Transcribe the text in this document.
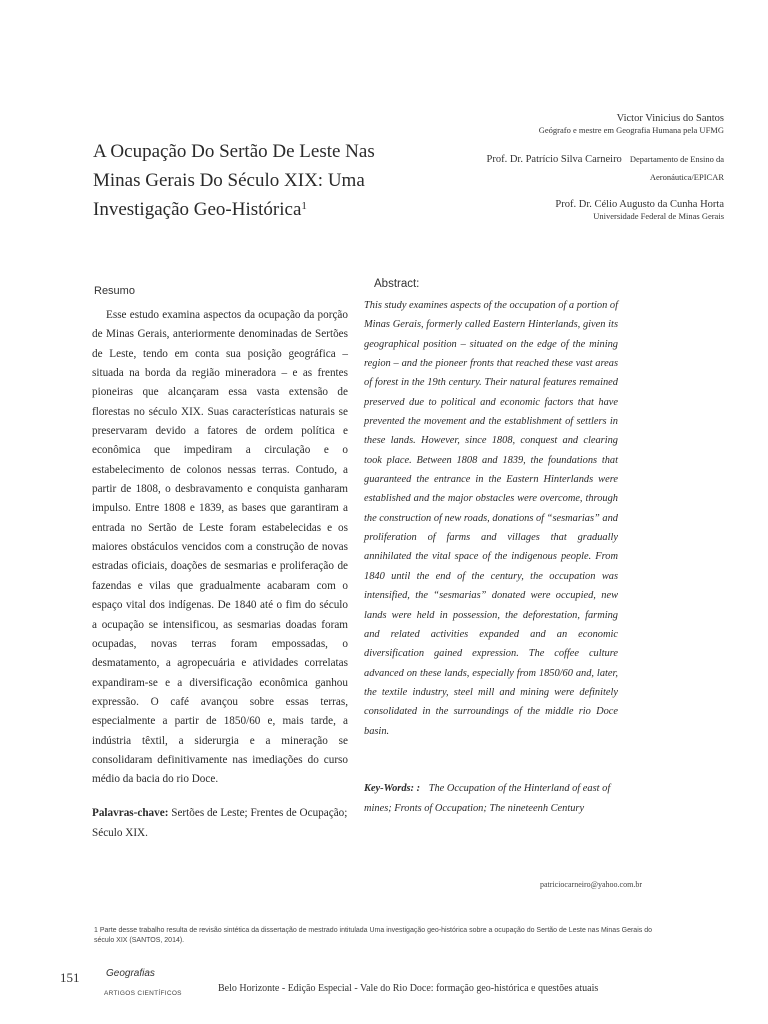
A Ocupação Do Sertão De Leste Nas Minas Gerais Do Século XIX: Uma Investigação Geo-Histórica$^1$
Victor Vinicius do Santos
Geógrafo e mestre em Geografia Humana pela UFMG
Prof. Dr. Patrício Silva Carneiro Departamento de Ensino da Aeronáutica/EPICAR
Prof. Dr. Célio Augusto da Cunha Horta
Universidade Federal de Minas Gerais
Resumo
Abstract:

Esse estudo examina aspectos da ocupação da porção de Minas Gerais, anteriormente denominadas de Sertões de Leste, tendo em conta sua posição geográfica – situada na borda da região mineradora – e as frentes pioneiras que alcançaram essa vasta extensão de florestas no século XIX. Suas características naturais se preservaram devido a fatores de ordem política e econômica que impediram a circulação e o estabelecimento de colonos nessas terras. Contudo, a partir de 1808, o desbravamento e conquista ganharam impulso. Entre 1808 e 1839, as bases que garantiram a entrada no Sertão de Leste foram estabelecidas e os maiores obstáculos vencidos com a construção de novas estradas oficiais, doações de sesmarias e proliferação de fazendas e vilas que gradualmente acabaram com o espaço vital dos indígenas. De 1840 até o fim do século a ocupação se intensificou, as sesmarias doadas foram ocupadas, novas terras foram empossadas, o desmatamento, a agropecuária e atividades correlatas expandiram-se e a diversificação econômica ganhou expressão. O café avançou sobre essas terras, especialmente a partir de 1850/60 e, mais tarde, a indústria têxtil, a siderurgia e a mineração se consolidaram definitivamente nas imediações do curso médio da bacia do rio Doce.

This study examines aspects of the occupation of a portion of Minas Gerais, formerly called Eastern Hinterlands, given its geographical position – situated on the edge of the mining region – and the pioneer fronts that reached these vast areas of forest in the 19th century. Their natural features remained preserved due to political and economic factors that have prevented the movement and the establishment of settlers in these lands. However, since 1808, conquest and clearing took place. Between 1808 and 1839, the foundations that guaranteed the entrance in the Eastern Hinterlands were established and the major obstacles were overcome, through the construction of new roads, donations of “sesmarias” and proliferation of farms and villages that gradually annihilated the vital space of the indigenous people. From 1840 until the end of the century, the occupation was intensified, the “sesmarias” donated were occupied, new lands were held in possession, the deforestation, farming and related activities expanded and an economic diversification gained expression. The coffee culture advanced on these lands, especially from 1850/60 and, later, the textile industry, steel mill and mining were definitely consolidated in the surroundings of the middle rio Doce basin.

Palavras-chave: Sertões de Leste; Frentes de Ocupação; Século XIX.
Key-Words: : The Occupation of the Hinterland of east of mines; Fronts of Occupation; The nineteenh Century
patriciocarneiro@yahoo.com.br
1 Parte desse trabalho resulta de revisão sintética da dissertação de mestrado intitulada Uma investigação geo-histórica sobre a ocupação do Sertão de Leste nas Minas Gerais do século XIX (SANTOS, 2014).
151	Geografias
ARTIGOS CIENTÍFICOS	Belo Horizonte - Edição Especial - Vale do Rio Doce: formação geo-histórica e questões atuais
